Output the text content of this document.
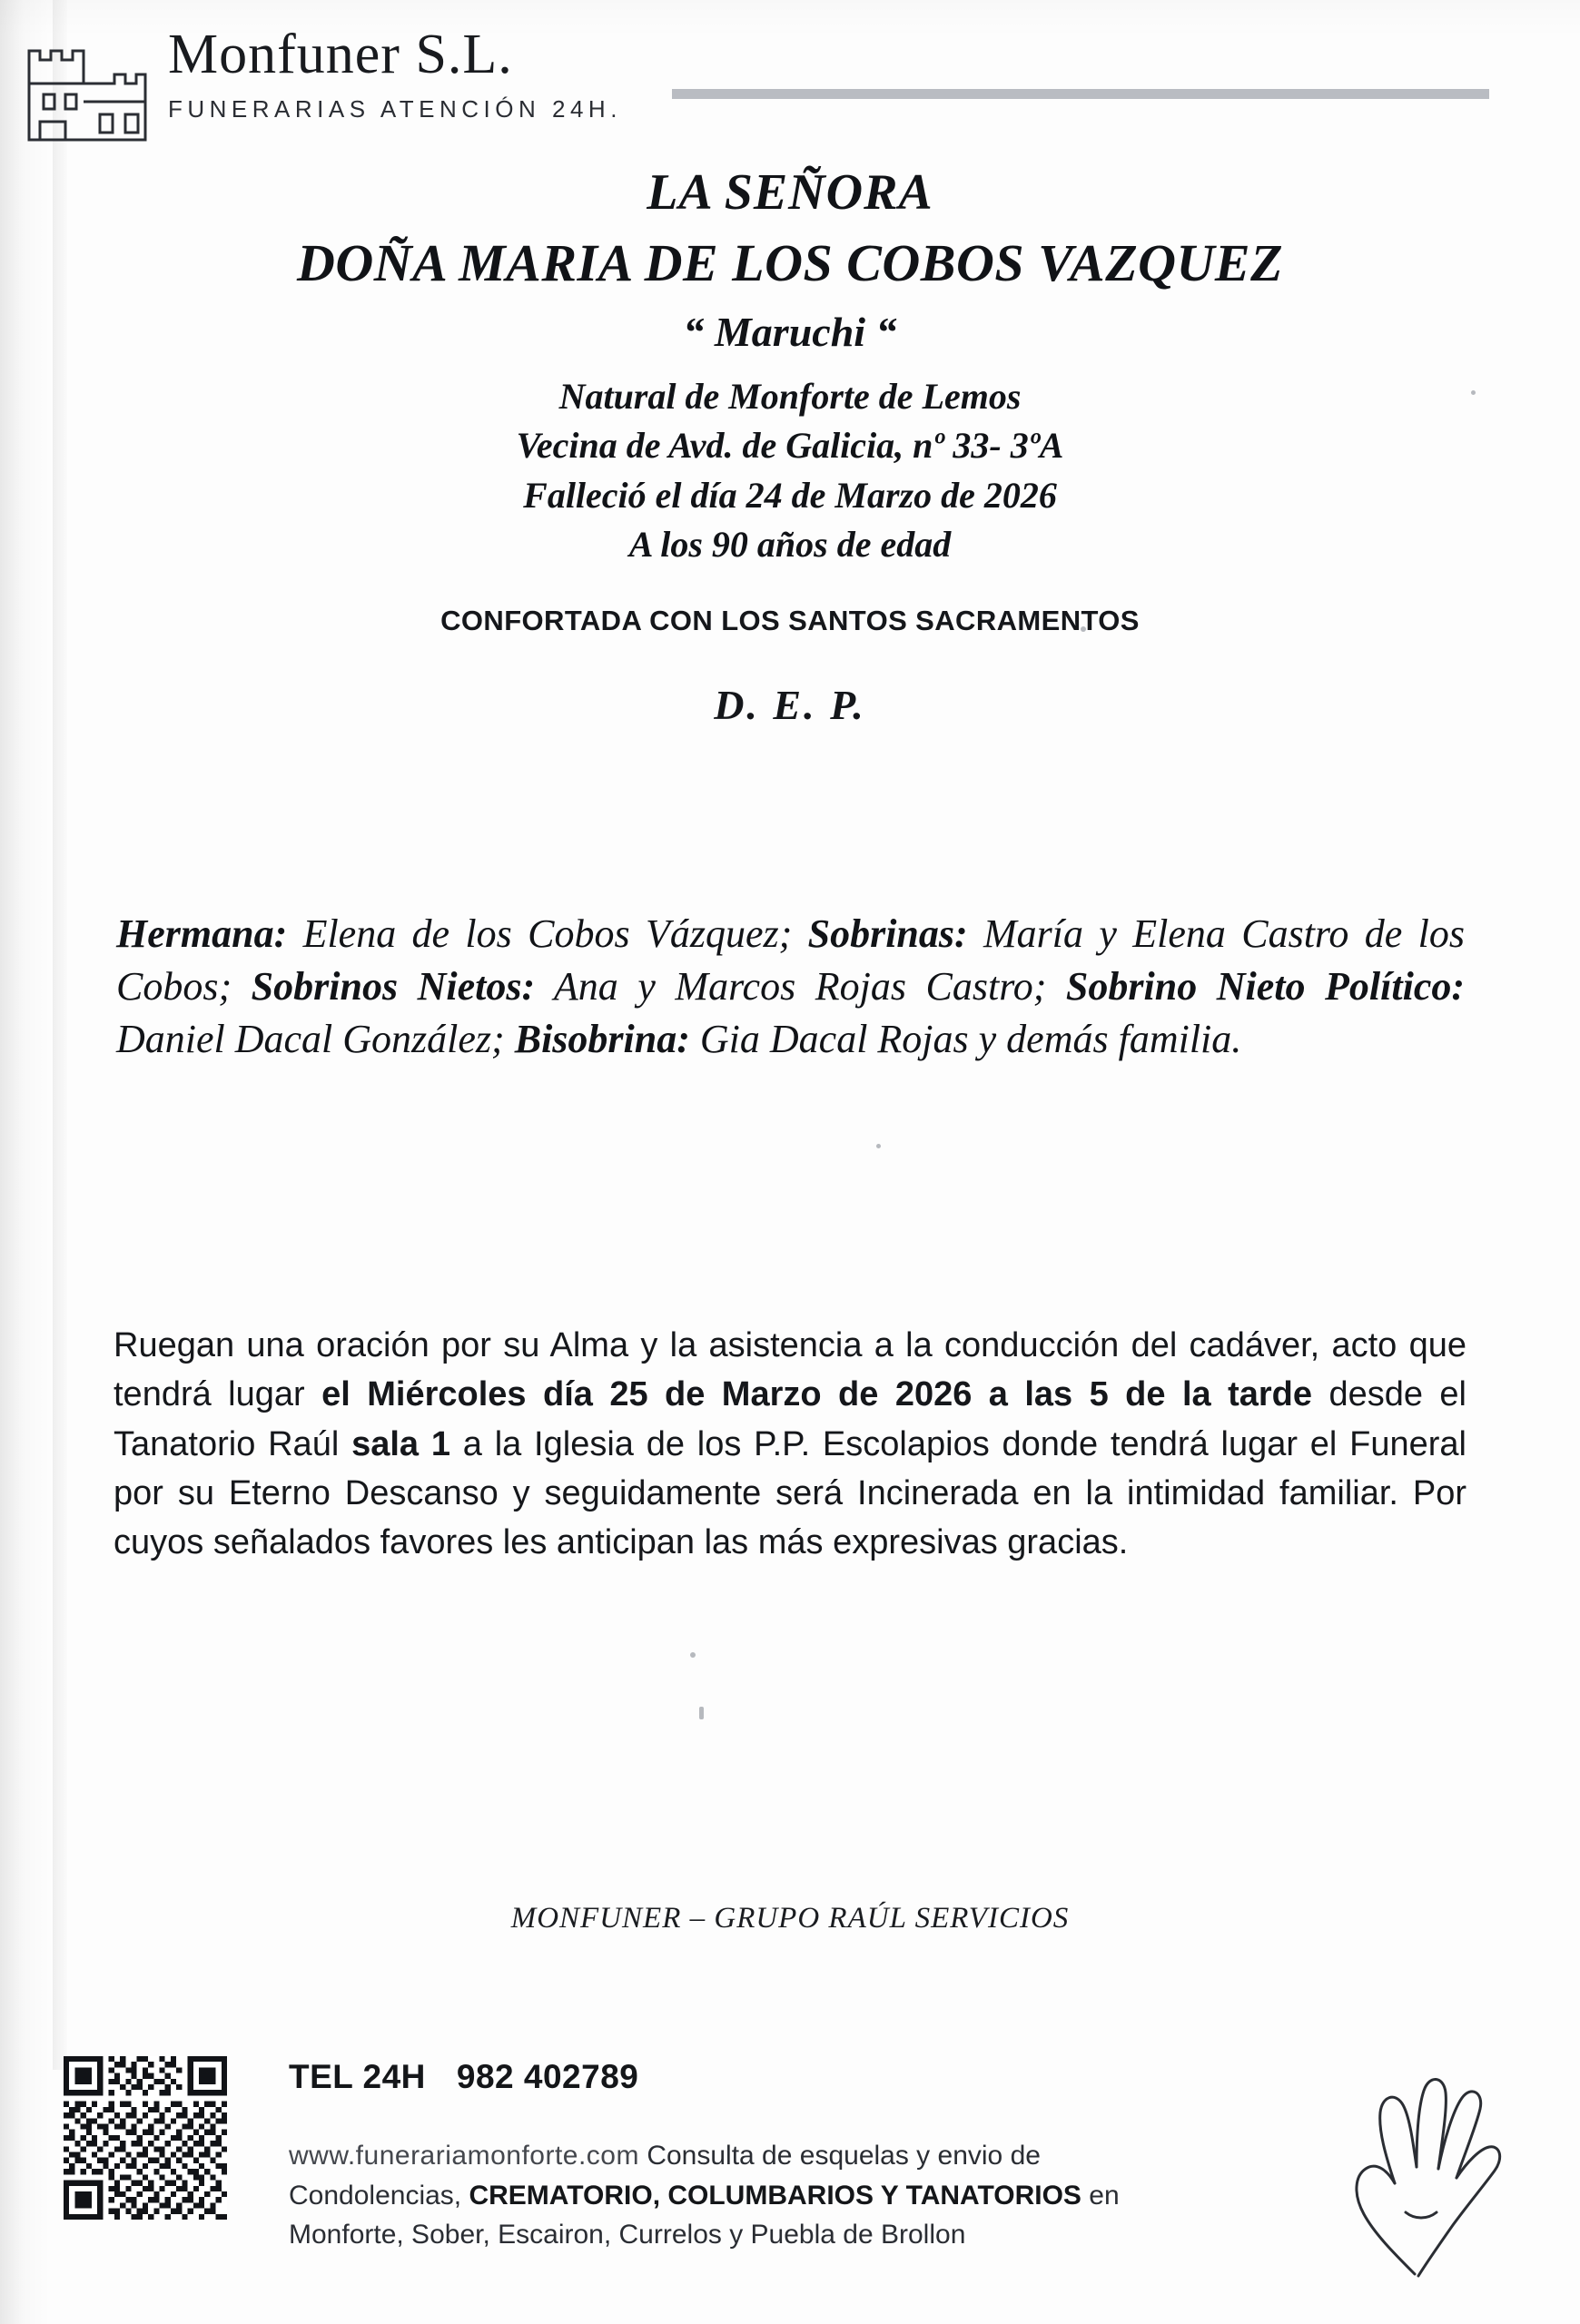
Monfuner S.L.
FUNERARIAS ATENCIÓN 24H.
LA SEÑORA
DOÑA MARIA DE LOS COBOS VAZQUEZ
“ Maruchi “
Natural de Monforte de Lemos
Vecina de Avd. de Galicia, nº 33- 3ºA
Falleció el día 24 de Marzo de 2026
A los 90 años de edad
CONFORTADA CON LOS SANTOS SACRAMENTOS
D. E. P.
Hermana: Elena de los Cobos Vázquez; Sobrinas: María y Elena Castro de los Cobos; Sobrinos Nietos: Ana y Marcos Rojas Castro; Sobrino Nieto Político: Daniel Dacal González; Bisobrina: Gia Dacal Rojas y demás familia.
Ruegan una oración por su Alma y la asistencia a la conducción del cadáver, acto que tendrá lugar el Miércoles día 25 de Marzo de 2026 a las 5 de la tarde desde el Tanatorio Raúl sala 1 a la Iglesia de los P.P. Escolapios donde tendrá lugar el Funeral por su Eterno Descanso y seguidamente será Incinerada en la intimidad familiar. Por cuyos señalados favores les anticipan las más expresivas gracias.
MONFUNER – GRUPO RAÚL SERVICIOS
TEL 24H 982 402789
www.funerariamonforte.com Consulta de esquelas y envio de
Condolencias, CREMATORIO, COLUMBARIOS Y TANATORIOS en
Monforte, Sober, Escairon, Currelos y Puebla de Brollon
